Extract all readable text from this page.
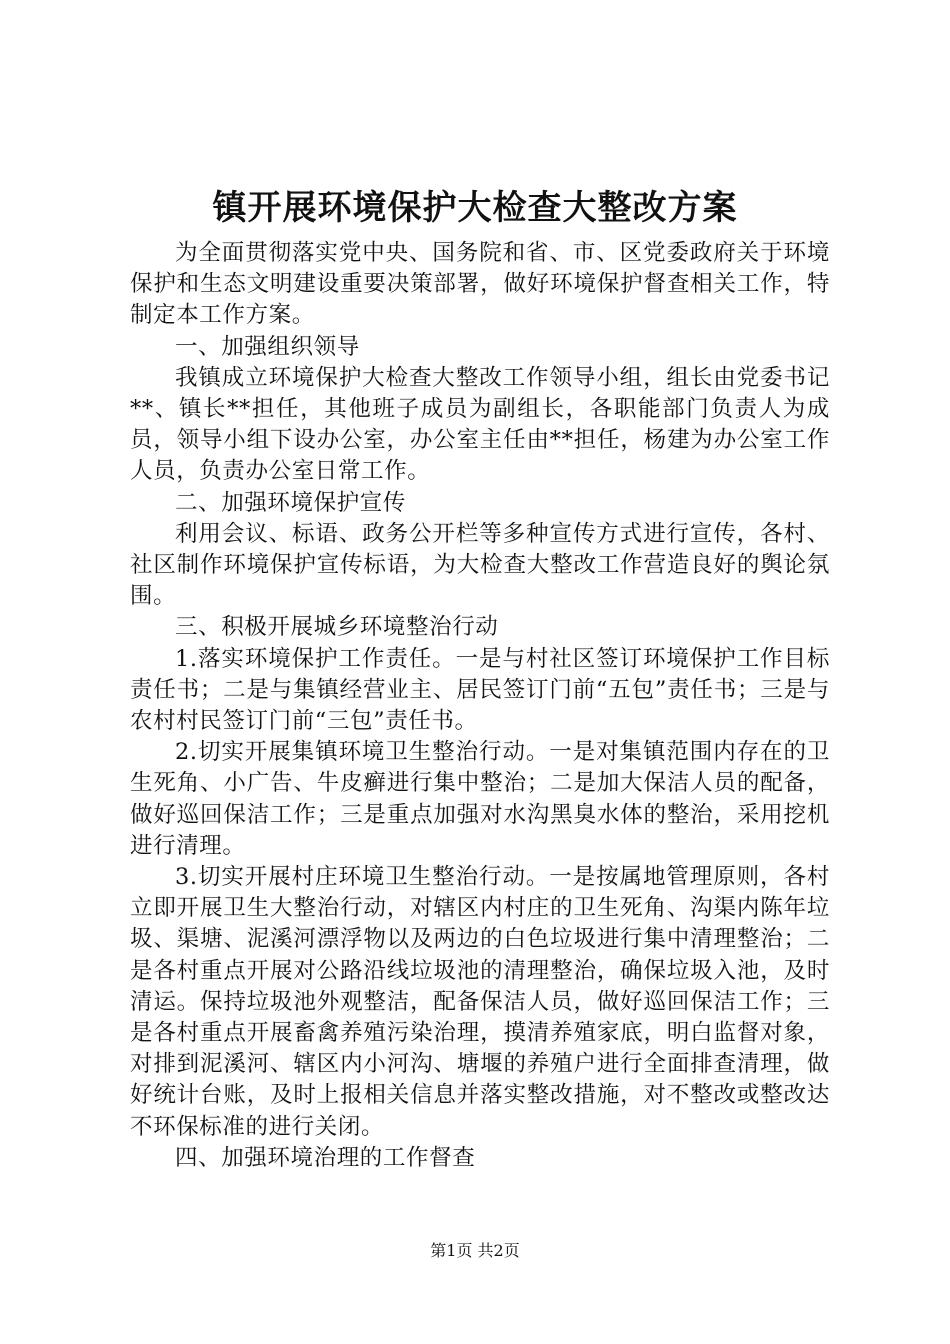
镇开展环境保护大检查大整改方案

为全面贯彻落实党中央、国务院和省、市、区党委政府关于环境保护和生态文明建设重要决策部署，做好环境保护督查相关工作，特制定本工作方案。

一、加强组织领导

我镇成立环境保护大检查大整改工作领导小组，组长由党委书记**、镇长**担任，其他班子成员为副组长，各职能部门负责人为成员，领导小组下设办公室，办公室主任由**担任，杨建为办公室工作人员，负责办公室日常工作。

二、加强环境保护宣传

利用会议、标语、政务公开栏等多种宣传方式进行宣传，各村、社区制作环境保护宣传标语，为大检查大整改工作营造良好的舆论氛围。

三、积极开展城乡环境整治行动

1.落实环境保护工作责任。一是与村社区签订环境保护工作目标责任书；二是与集镇经营业主、居民签订门前“五包”责任书；三是与农村村民签订门前“三包”责任书。

2.切实开展集镇环境卫生整治行动。一是对集镇范围内存在的卫生死角、小广告、牛皮癣进行集中整治；二是加大保洁人员的配备，做好巡回保洁工作；三是重点加强对水沟黑臭水体的整治，采用挖机进行清理。

3.切实开展村庄环境卫生整治行动。一是按属地管理原则，各村立即开展卫生大整治行动，对辖区内村庄的卫生死角、沟渠内陈年垃圾、渠塘、泥溪河漂浮物以及两边的白色垃圾进行集中清理整治；二是各村重点开展对公路沿线垃圾池的清理整治，确保垃圾入池，及时清运。保持垃圾池外观整洁，配备保洁人员，做好巡回保洁工作；三是各村重点开展畜禽养殖污染治理，摸清养殖家底，明白监督对象，对排到泥溪河、辖区内小河沟、塘堰的养殖户进行全面排查清理，做好统计台账，及时上报相关信息并落实整改措施，对不整改或整改达不环保标准的进行关闭。

四、加强环境治理的工作督查

第1页 共2页
